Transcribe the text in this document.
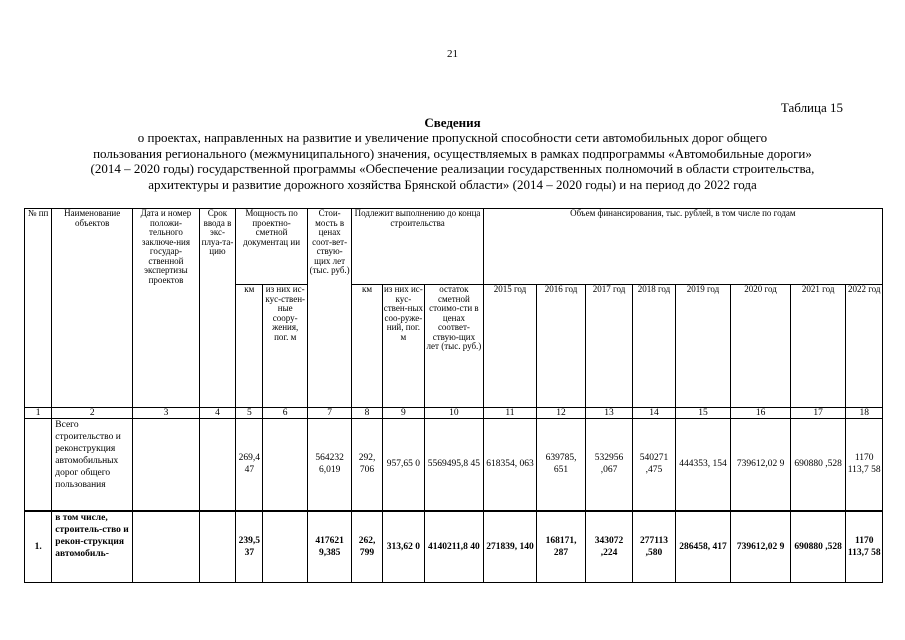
21
Таблица 15
Сведения
о проектах, направленных на развитие и увеличение пропускной способности сети автомобильных дорог общего
пользования регионального (межмуниципального) значения, осуществляемых в рамках подпрограммы «Автомобильные дороги»
(2014 – 2020 годы) государственной программы «Обеспечение реализации государственных полномочий в области строительства,
архитектуры и развитие дорожного хозяйства Брянской области» (2014 – 2020 годы) и на период до 2022 года
№ пп	Наименование объектов	Дата и номер положи-тельного заключе-ния государ-ственной экспертизы проектов	Срок ввода в экс-плуа-та-цию	Мощность по проектно-сметной документац ии		Стои-мость в ценах соот-вет-ствую-щих лет (тыс. руб.)	Подлежит выполнению до конца строительства			Объем финансирования, тыс. рублей, в том числе по годам							

				км	из них ис-кус-ствен-ные соору-жения, пог. м		км	из них ис-кус-ствен-ных соо-руже-ний, пог. м	остаток сметной стоимо-сти в ценах соответ-ствую-щих лет (тыс. руб.)	2015 год	2016 год	2017 год	2018 год	2019 год	2020 год	2021 год	2022 год
1	2	3	4	5	6	7	8	9	10	11	12	13	14	15	16	17	18
	Всего строительство и реконструкция автомобильных дорог общего пользования			269,447		564232 6,019	292, 706	957,65 0	5569495,8 45	618354, 063	639785, 651	532956 ,067	540271 ,475	444353, 154	739612,02 9	690880 ,528	1170 113,7 58
1.	в том числе, строитель-ство и рекон-струкция автомобиль-			239,537		417621 9,385	262, 799	313,62 0	4140211,8 40	271839, 140	168171, 287	343072 ,224	277113 ,580	286458, 417	739612,02 9	690880 ,528	1170 113,7 58
